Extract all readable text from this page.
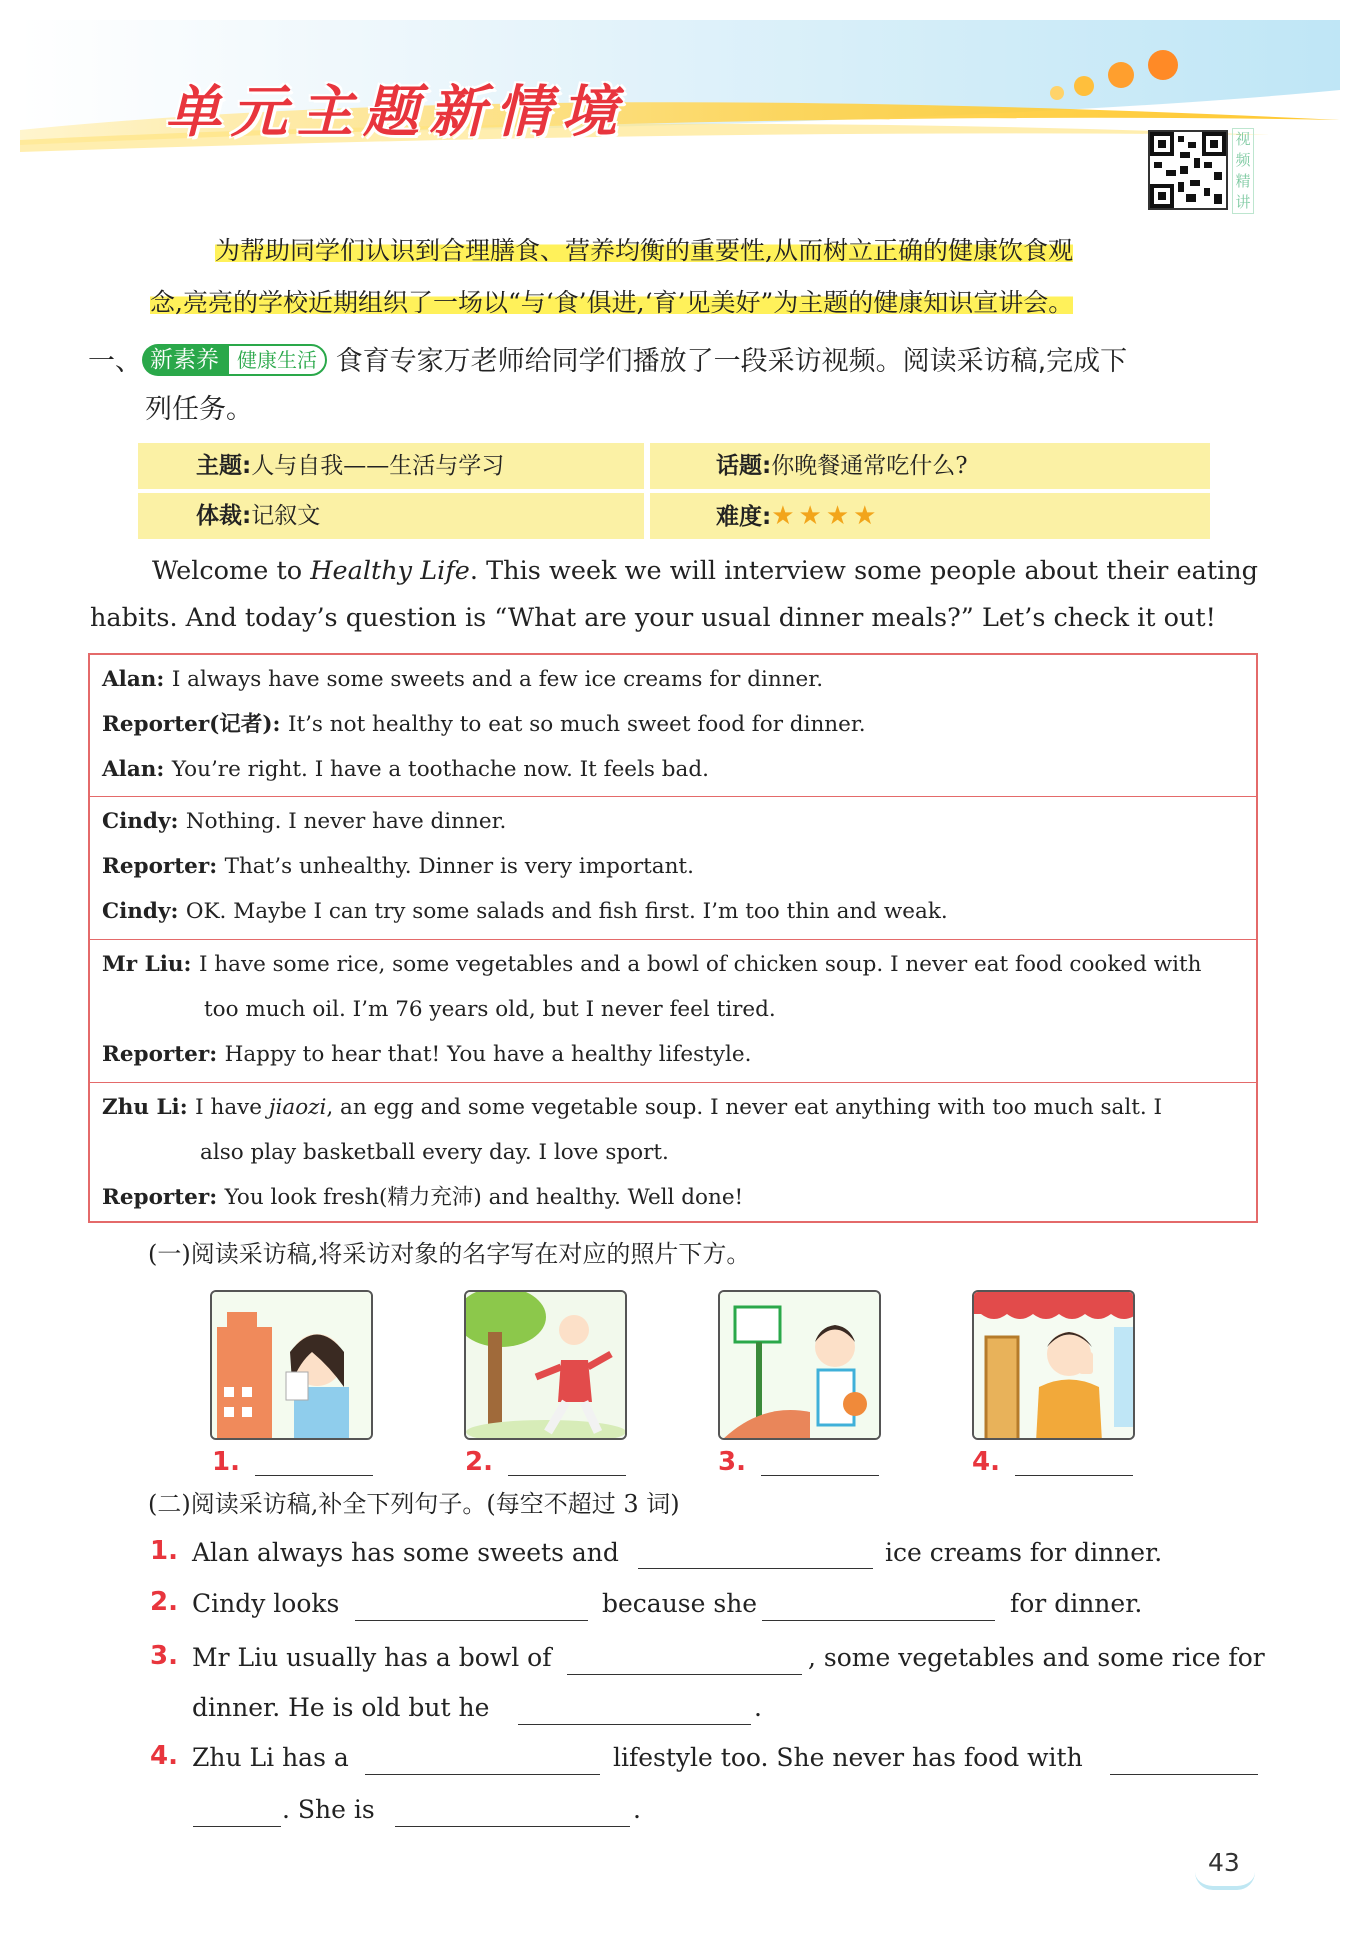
单元主题新情境	视频精讲
为帮助同学们认识到合理膳食、营养均衡的重要性,从而树立正确的健康饮食观
念,亮亮的学校近期组织了一场以“与‘食’俱进,‘育’见美好”为主题的健康知识宣讲会。
一、 新素养 健康生活 食育专家万老师给同学们播放了一段采访视频。阅读采访稿,完成下
列任务。
主题:人与自我——生活与学习	话题:你晚餐通常吃什么?
体裁:记叙文	难度:★★★★
Welcome to Healthy Life. This week we will interview some people about their eating habits. And today’s question is “What are your usual dinner meals?” Let’s check it out!
Alan: I always have some sweets and a few ice creams for dinner.
Reporter(记者): It’s not healthy to eat so much sweet food for dinner.
Alan: You’re right. I have a toothache now. It feels bad.
Cindy: Nothing. I never have dinner.
Reporter: That’s unhealthy. Dinner is very important.
Cindy: OK. Maybe I can try some salads and fish first. I’m too thin and weak.
Mr Liu: I have some rice, some vegetables and a bowl of chicken soup. I never eat food cooked with
too much oil. I’m 76 years old, but I never feel tired.
Reporter: Happy to hear that! You have a healthy lifestyle.
Zhu Li: I have jiaozi, an egg and some vegetable soup. I never eat anything with too much salt. I
also play basketball every day. I love sport.
Reporter: You look fresh(精力充沛) and healthy. Well done!
(一)阅读采访稿,将采访对象的名字写在对应的照片下方。
1.	2.	3.	4.
(二)阅读采访稿,补全下列句子。(每空不超过 3 词)
1. Alan always has some sweets and	ice creams for dinner.
2. Cindy looks	because she	for dinner.
3. Mr Liu usually has a bowl of	, some vegetables and some rice for
dinner. He is old but he	.
4. Zhu Li has a	lifestyle too. She never has food with
. She is	.
43
